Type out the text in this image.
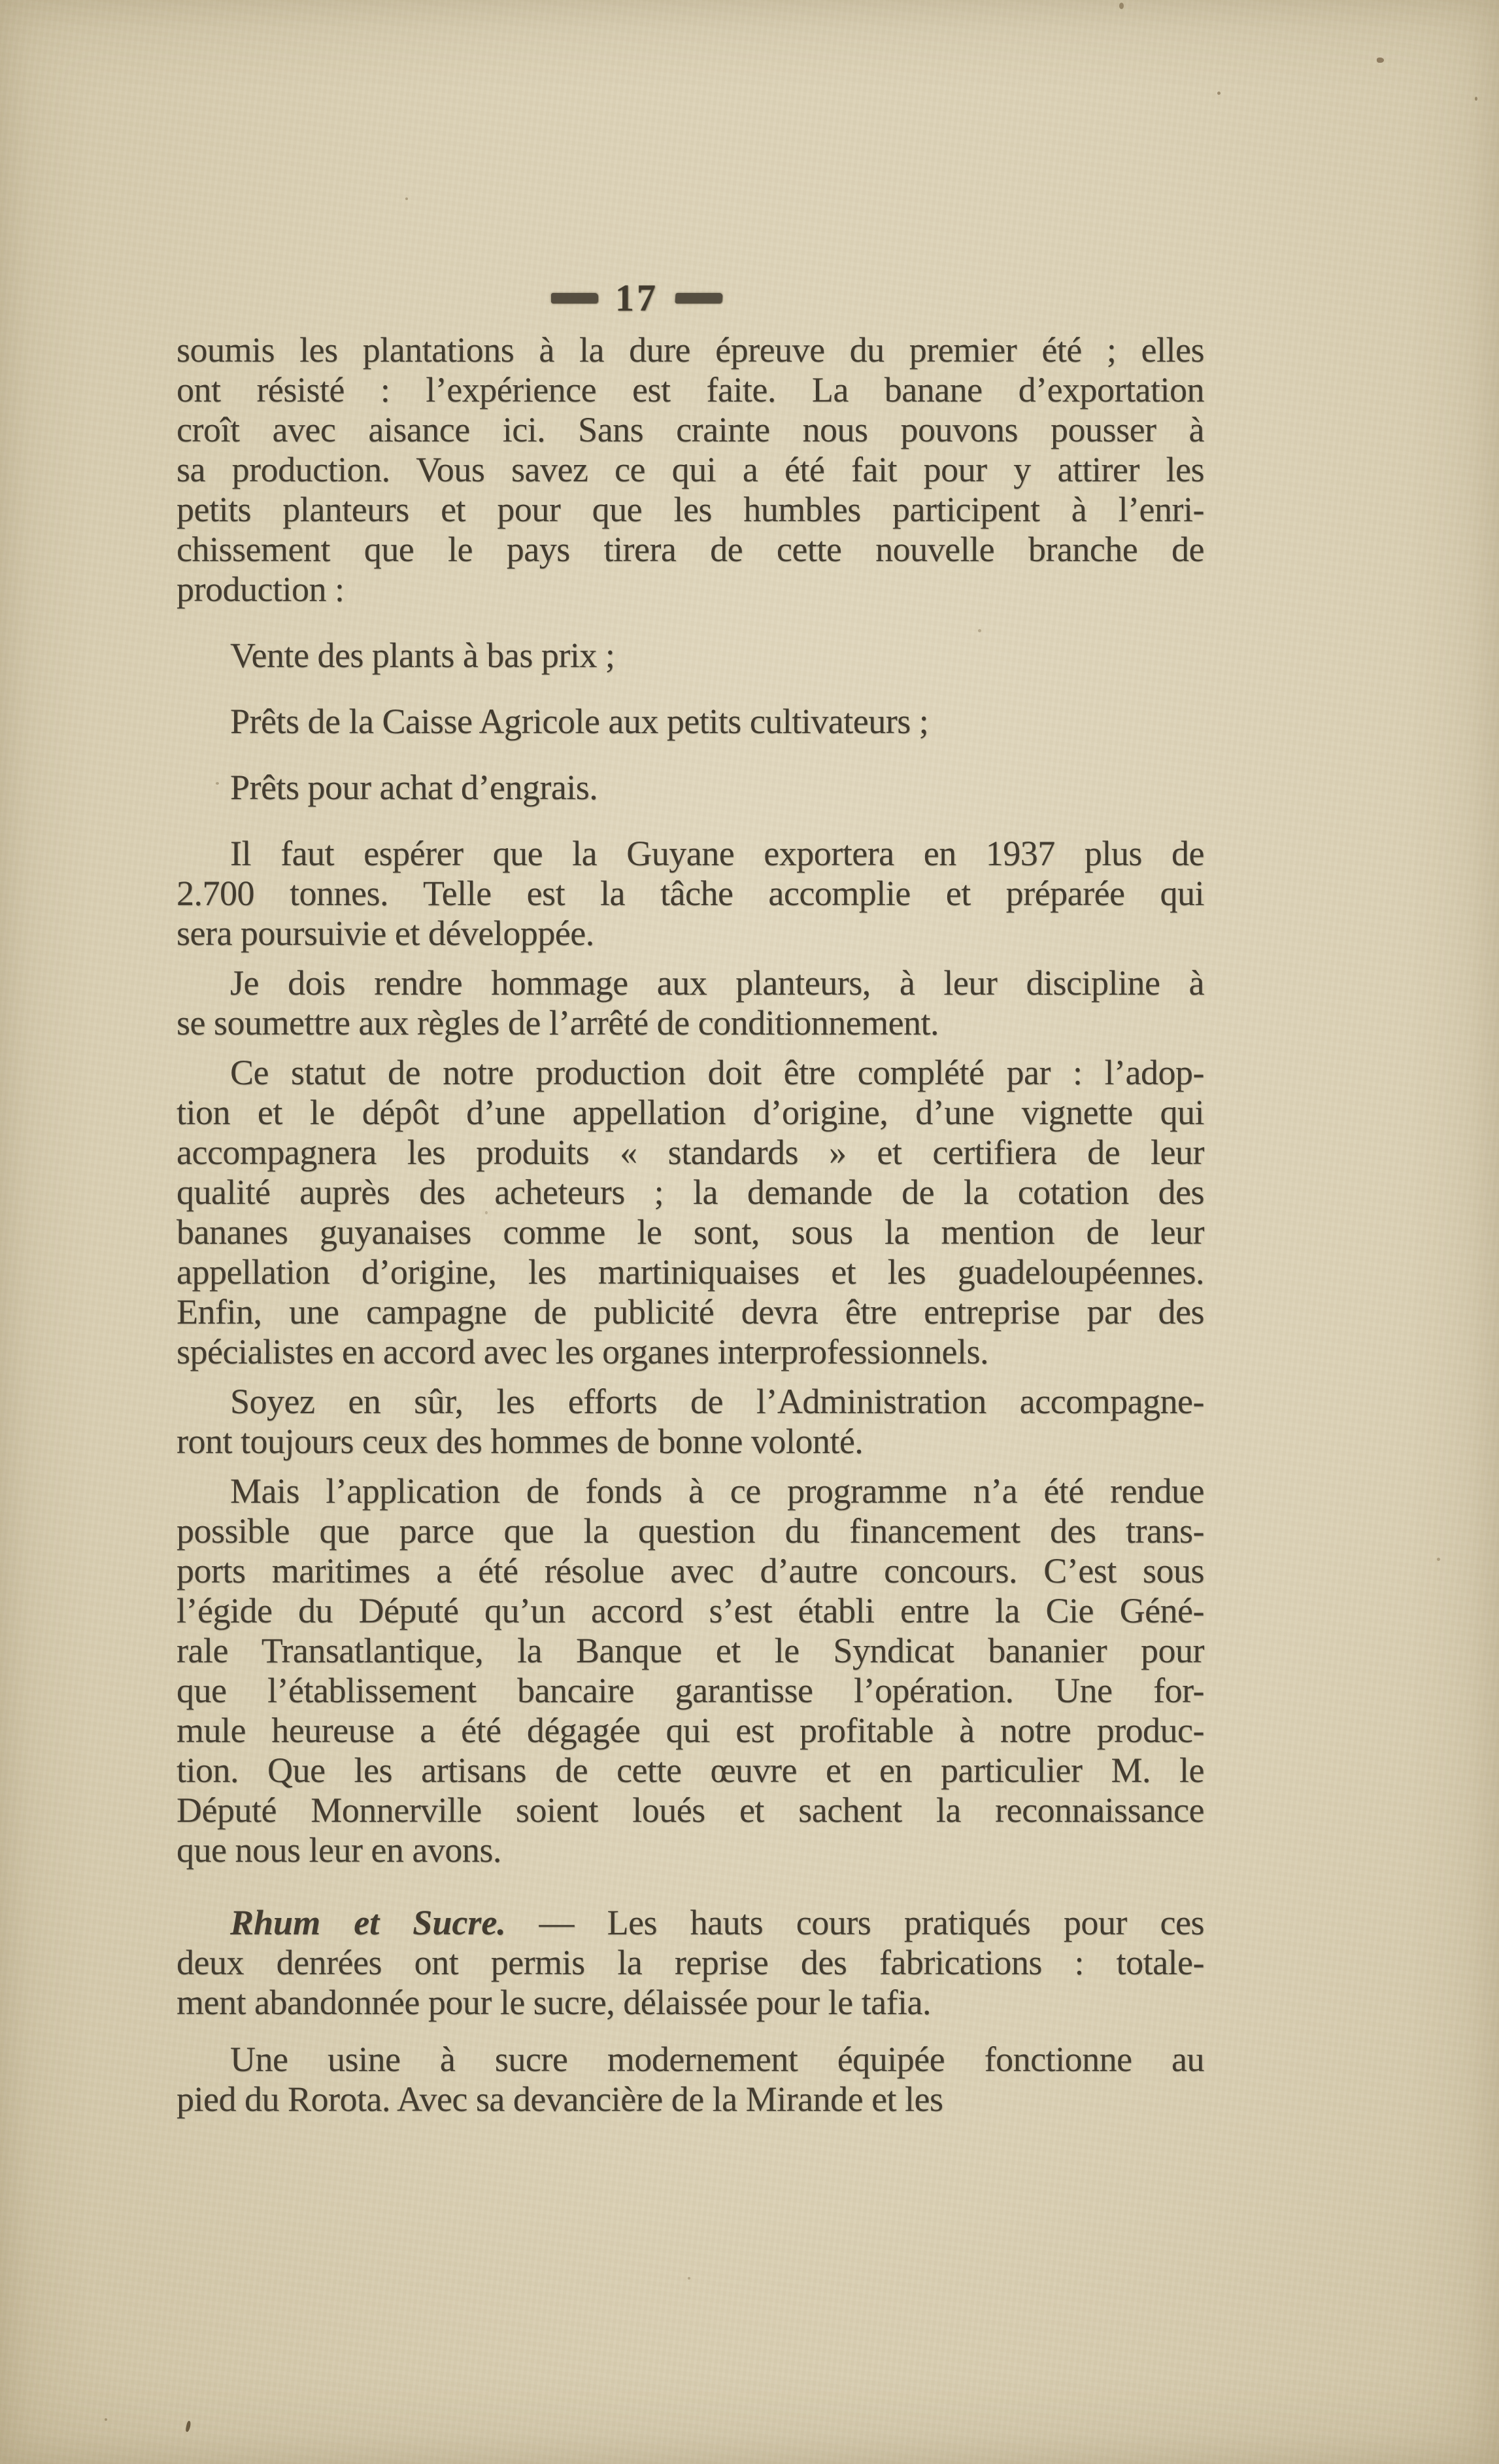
17
soumis les plantations à la dure épreuve du premier été ; elles
ont résisté : l’expérience est faite. La banane d’exportation
croît avec aisance ici. Sans crainte nous pouvons pousser à
sa production. Vous savez ce qui a été fait pour y attirer les
petits planteurs et pour que les humbles participent à l’enri-
chissement que le pays tirera de cette nouvelle branche de
production :
Vente des plants à bas prix ;
Prêts de la Caisse Agricole aux petits cultivateurs ;
Prêts pour achat d’engrais.
Il faut espérer que la Guyane exportera en 1937 plus de
2.700 tonnes. Telle est la tâche accomplie et préparée qui
sera poursuivie et développée.
Je dois rendre hommage aux planteurs, à leur discipline à
se soumettre aux règles de l’arrêté de conditionnement.
Ce statut de notre production doit être complété par : l’adop-
tion et le dépôt d’une appellation d’origine, d’une vignette qui
accompagnera les produits « standards » et certifiera de leur
qualité auprès des acheteurs ; la demande de la cotation des
bananes guyanaises comme le sont, sous la mention de leur
appellation d’origine, les martiniquaises et les guadeloupéennes.
Enfin, une campagne de publicité devra être entreprise par des
spécialistes en accord avec les organes interprofessionnels.
Soyez en sûr, les efforts de l’Administration accompagne-
ront toujours ceux des hommes de bonne volonté.
Mais l’application de fonds à ce programme n’a été rendue
possible que parce que la question du financement des trans-
ports maritimes a été résolue avec d’autre concours. C’est sous
l’égide du Député qu’un accord s’est établi entre la Cie Géné-
rale Transatlantique, la Banque et le Syndicat bananier pour
que l’établissement bancaire garantisse l’opération. Une for-
mule heureuse a été dégagée qui est profitable à notre produc-
tion. Que les artisans de cette œuvre et en particulier M. le
Député Monnerville soient loués et sachent la reconnaissance
que nous leur en avons.
Rhum et Sucre. — Les hauts cours pratiqués pour ces
deux denrées ont permis la reprise des fabrications : totale-
ment abandonnée pour le sucre, délaissée pour le tafia.
Une usine à sucre modernement équipée fonctionne au
pied du Rorota. Avec sa devancière de la Mirande et les
